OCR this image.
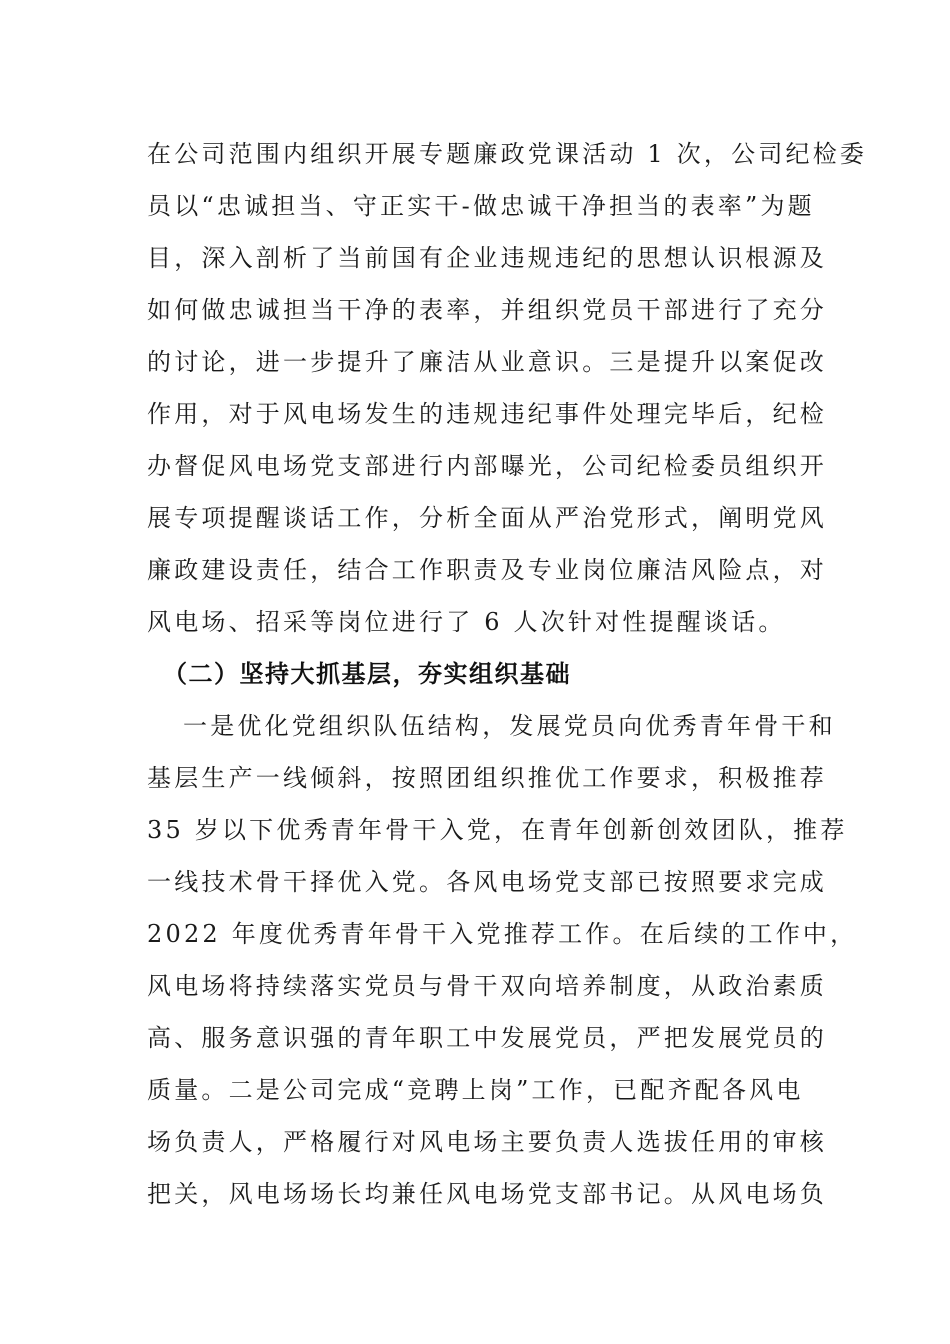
在公司范围内组织开展专题廉政党课活动 1 次，公司纪检委
员以“忠诚担当、守正实干-做忠诚干净担当的表率”为题
目，深入剖析了当前国有企业违规违纪的思想认识根源及
如何做忠诚担当干净的表率，并组织党员干部进行了充分
的讨论，进一步提升了廉洁从业意识。三是提升以案促改
作用，对于风电场发生的违规违纪事件处理完毕后，纪检
办督促风电场党支部进行内部曝光，公司纪检委员组织开
展专项提醒谈话工作，分析全面从严治党形式，阐明党风
廉政建设责任，结合工作职责及专业岗位廉洁风险点，对
风电场、招采等岗位进行了 6 人次针对性提醒谈话。
（二）坚持大抓基层，夯实组织基础
一是优化党组织队伍结构，发展党员向优秀青年骨干和
基层生产一线倾斜，按照团组织推优工作要求，积极推荐
35 岁以下优秀青年骨干入党，在青年创新创效团队，推荐
一线技术骨干择优入党。各风电场党支部已按照要求完成
2022 年度优秀青年骨干入党推荐工作。在后续的工作中，
风电场将持续落实党员与骨干双向培养制度，从政治素质
高、服务意识强的青年职工中发展党员，严把发展党员的
质量。二是公司完成“竞聘上岗”工作，已配齐配各风电
场负责人，严格履行对风电场主要负责人选拔任用的审核
把关，风电场场长均兼任风电场党支部书记。从风电场负
